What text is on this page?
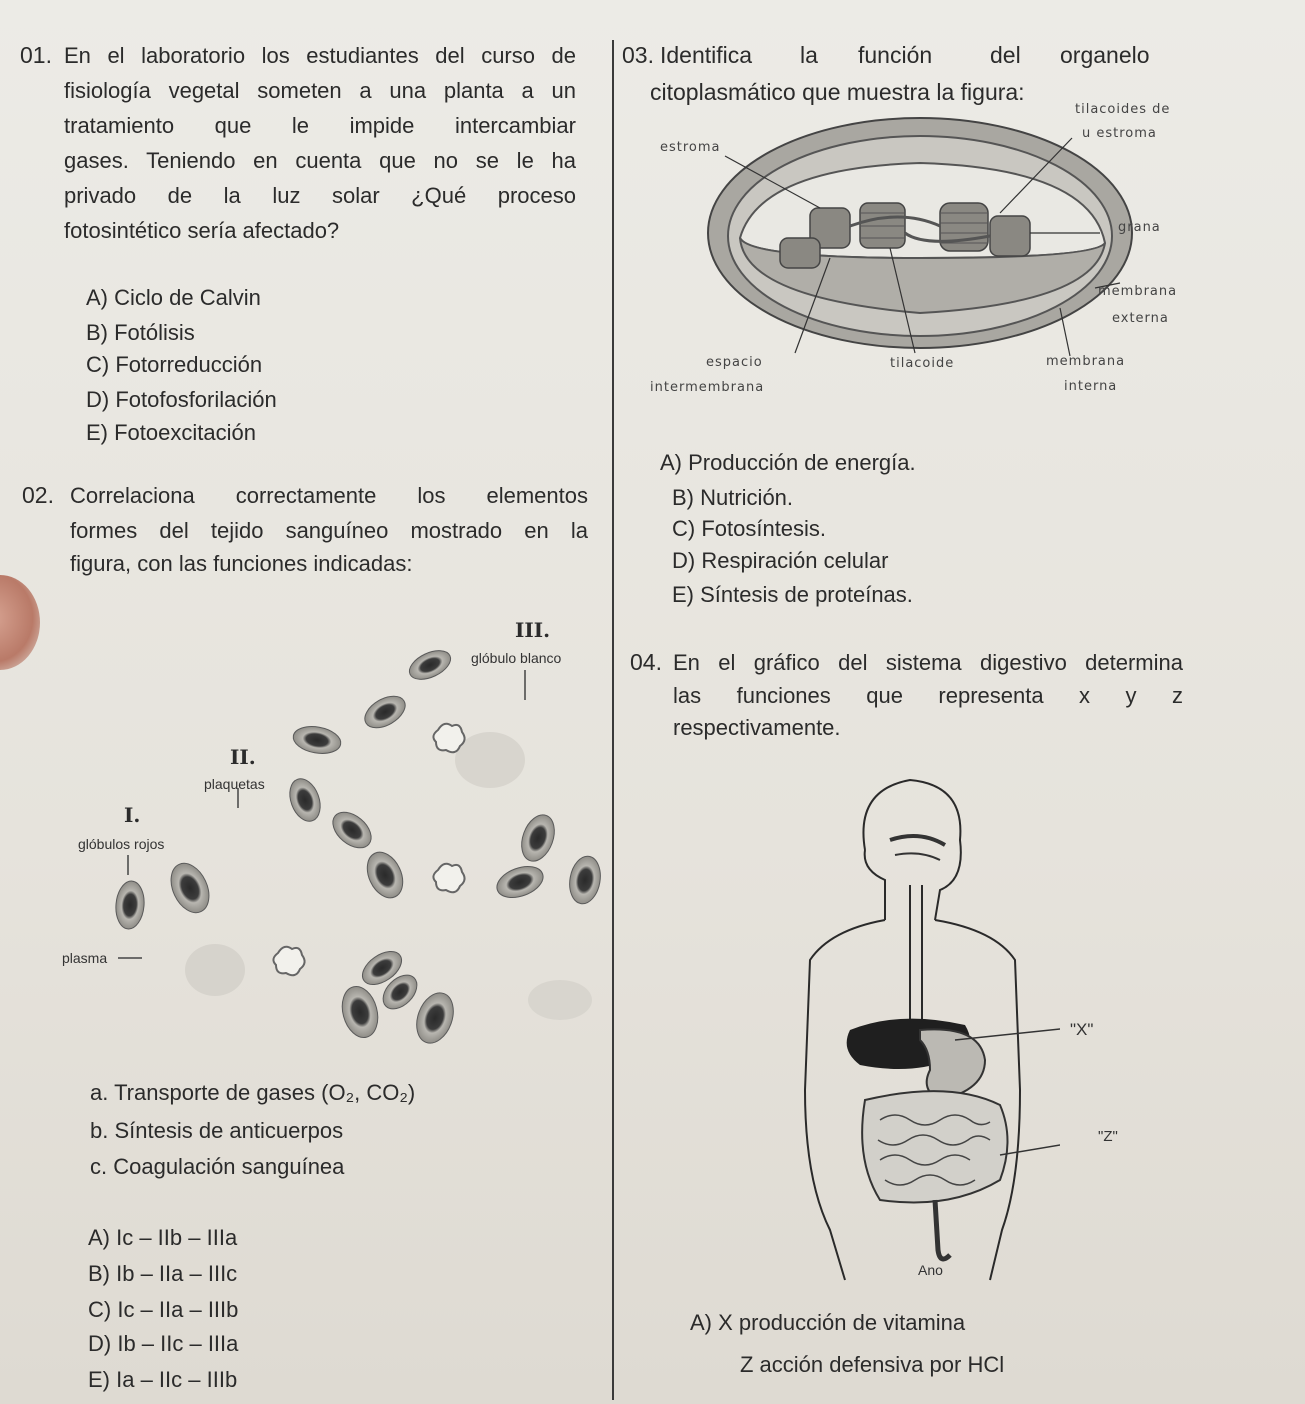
01. En el laboratorio los estudiantes del curso de
fisiología vegetal someten a una planta a un
tratamiento que le impide intercambiar
gases. Teniendo en cuenta que no se le ha
privado de la luz solar ¿Qué proceso
fotosintético sería afectado?
A) Ciclo de Calvin
B) Fotólisis
C) Fotorreducción
D) Fotofosforilación
E) Fotoexcitación
02. Correlaciona correctamente los elementos
formes del tejido sanguíneo mostrado en la
figura, con las funciones indicadas:
III.
glóbulo blanco
II.
plaquetas
I.
glóbulos rojos
plasma
a. Transporte de gases (O₂, CO₂)
b. Síntesis de anticuerpos
c. Coagulación sanguínea
A) Ic – IIb – IIIa
B) Ib – IIa – IIIc
C) Ic – IIa – IIIb
D) Ib – IIc – IIIa
E) Ia – IIc – IIIb
03. Identifica la función	del organelo
citoplasmático que muestra la figura:
tilacoides de
u estroma
estroma
grana
membrana
externa
espacio
intermembrana
tilacoide	membrana
interna
A) Producción de energía.
B) Nutrición.
C) Fotosíntesis.
D) Respiración celular
E) Síntesis de proteínas.
04. En el gráfico del sistema digestivo determina
las funciones que representa x y z
respectivamente.
"X"
"Z"
Ano
A) X producción de vitamina
Z acción defensiva por HCl
